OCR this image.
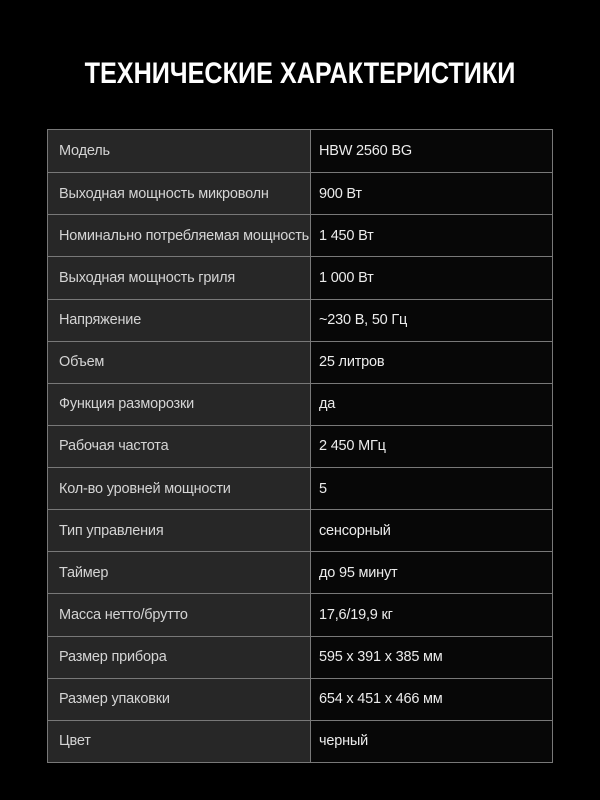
ТЕХНИЧЕСКИЕ ХАРАКТЕРИСТИКИ
Модель	HBW 2560 BG
Выходная мощность микроволн	900 Вт
Номинально потребляемая мощность 1 450 Вт
Выходная мощность гриля	1 000 Вт
Напряжение	~230 В, 50 Гц
Объем	25 литров
Функция разморозки	да
Рабочая частота	2 450 МГц
Кол-во уровней мощности	5
Тип управления	сенсорный
Таймер	до 95 минут
Масса нетто/брутто	17,6/19,9 кг
Размер прибора	595 x 391 x 385 мм
Размер упаковки	654 x 451 x 466 мм
Цвет	черный
